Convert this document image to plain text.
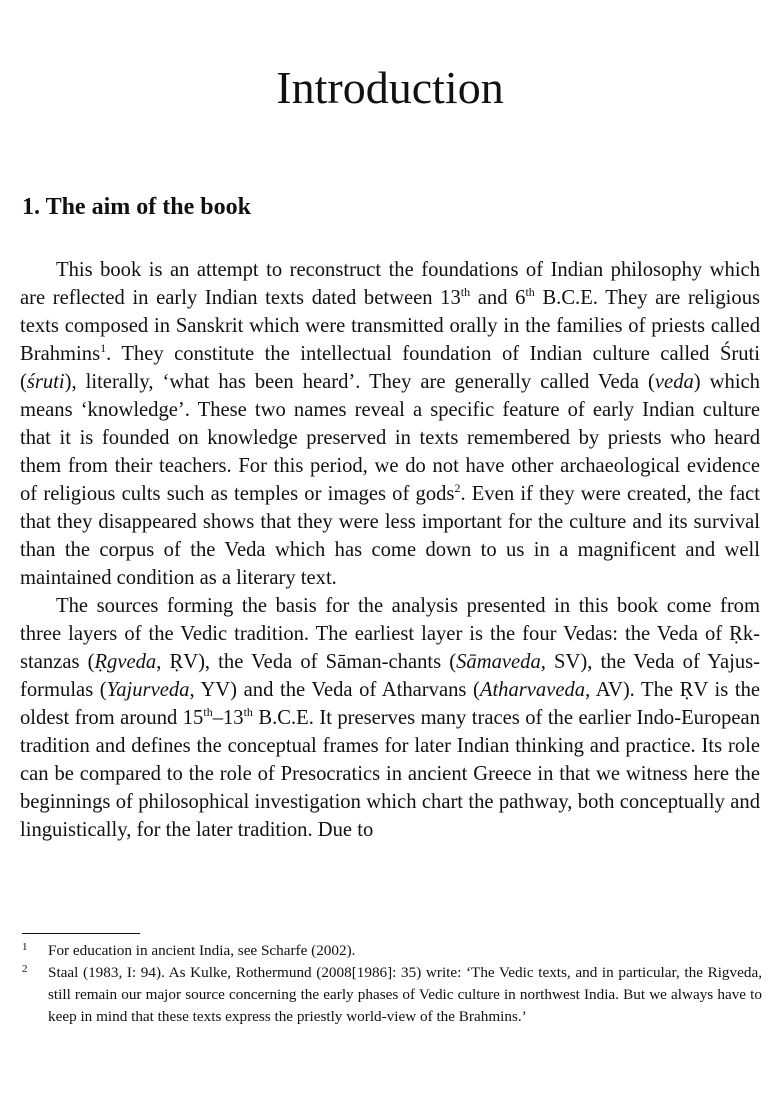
Introduction
1. The aim of the book

This book is an attempt to reconstruct the foundations of Indian philosophy which are reflected in early Indian texts dated between 13th and 6th B.C.E. They are religious texts composed in Sanskrit which were transmitted orally in the families of priests called Brahmins$^1$. They constitute the intellectual foundation of Indian culture called Śruti (śruti), literally, ‘what has been heard’. They are generally called Veda (veda) which means ‘knowledge’. These two names reveal a specific feature of early Indian culture that it is founded on knowledge preserved in texts remembered by priests who heard them from their teachers. For this period, we do not have other archaeological evidence of religious cults such as temples or images of gods$^2$. Even if they were created, the fact that they disappeared shows that they were less important for the culture and its survival than the corpus of the Veda which has come down to us in a magnificent and well maintained condition as a literary text.

The sources forming the basis for the analysis presented in this book come from three layers of the Vedic tradition. The earliest layer is the four Vedas: the Veda of Ṛk-stanzas (Ṛgveda, ṚV), the Veda of Sāman-chants (Sāmaveda, SV), the Veda of Yajus-formulas (Yajurveda, YV) and the Veda of Atharvans (Atharvaveda, AV). The ṚV is the oldest from around 15th–13th B.C.E. It preserves many traces of the earlier Indo-European tradition and defines the conceptual frames for later Indian thinking and practice. Its role can be compared to the role of Presocratics in ancient Greece in that we witness here the beginnings of philosophical investigation which chart the pathway, both conceptually and linguistically, for the later tradition. Due to

1 For education in ancient India, see Scharfe (2002).
2 Staal (1983, I: 94). As Kulke, Rothermund (2008[1986]: 35) write: ‘The Vedic texts, and in particular, the Rigveda, still remain our major source concerning the early phases of Vedic culture in northwest India. But we always have to keep in mind that these texts express the priestly world-view of the Brahmins.’
